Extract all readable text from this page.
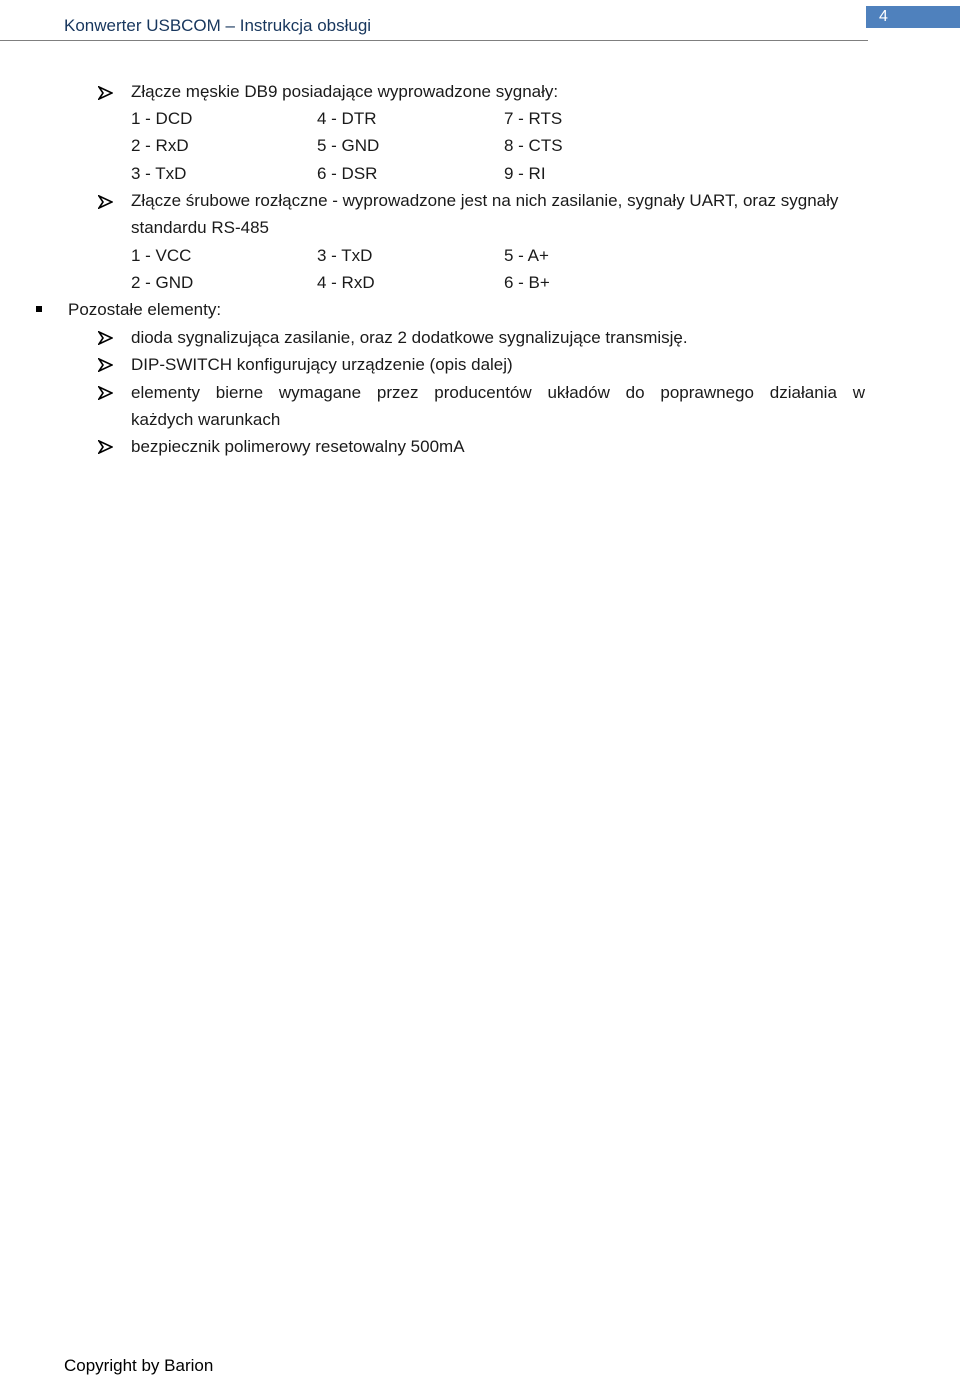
Konwerter USBCOM – Instrukcja obsługi	4
Złącze męskie DB9 posiadające wyprowadzone sygnały:
1 - DCD	4 - DTR	7 - RTS
2 - RxD	5 - GND	8 - CTS
3 - TxD	6 - DSR	9 - RI
Złącze śrubowe rozłączne - wyprowadzone jest na nich zasilanie, sygnały UART, oraz sygnały
standardu RS-485
1 - VCC	3 - TxD	5 - A+
2 - GND	4 - RxD	6 - B+
Pozostałe elementy:
dioda sygnalizująca zasilanie, oraz 2 dodatkowe sygnalizujące transmisję.
DIP-SWITCH konfigurujący urządzenie (opis dalej)
elementy bierne wymagane przez producentów układów do poprawnego działania w
każdych warunkach
bezpiecznik polimerowy resetowalny 500mA
Copyright by Barion
